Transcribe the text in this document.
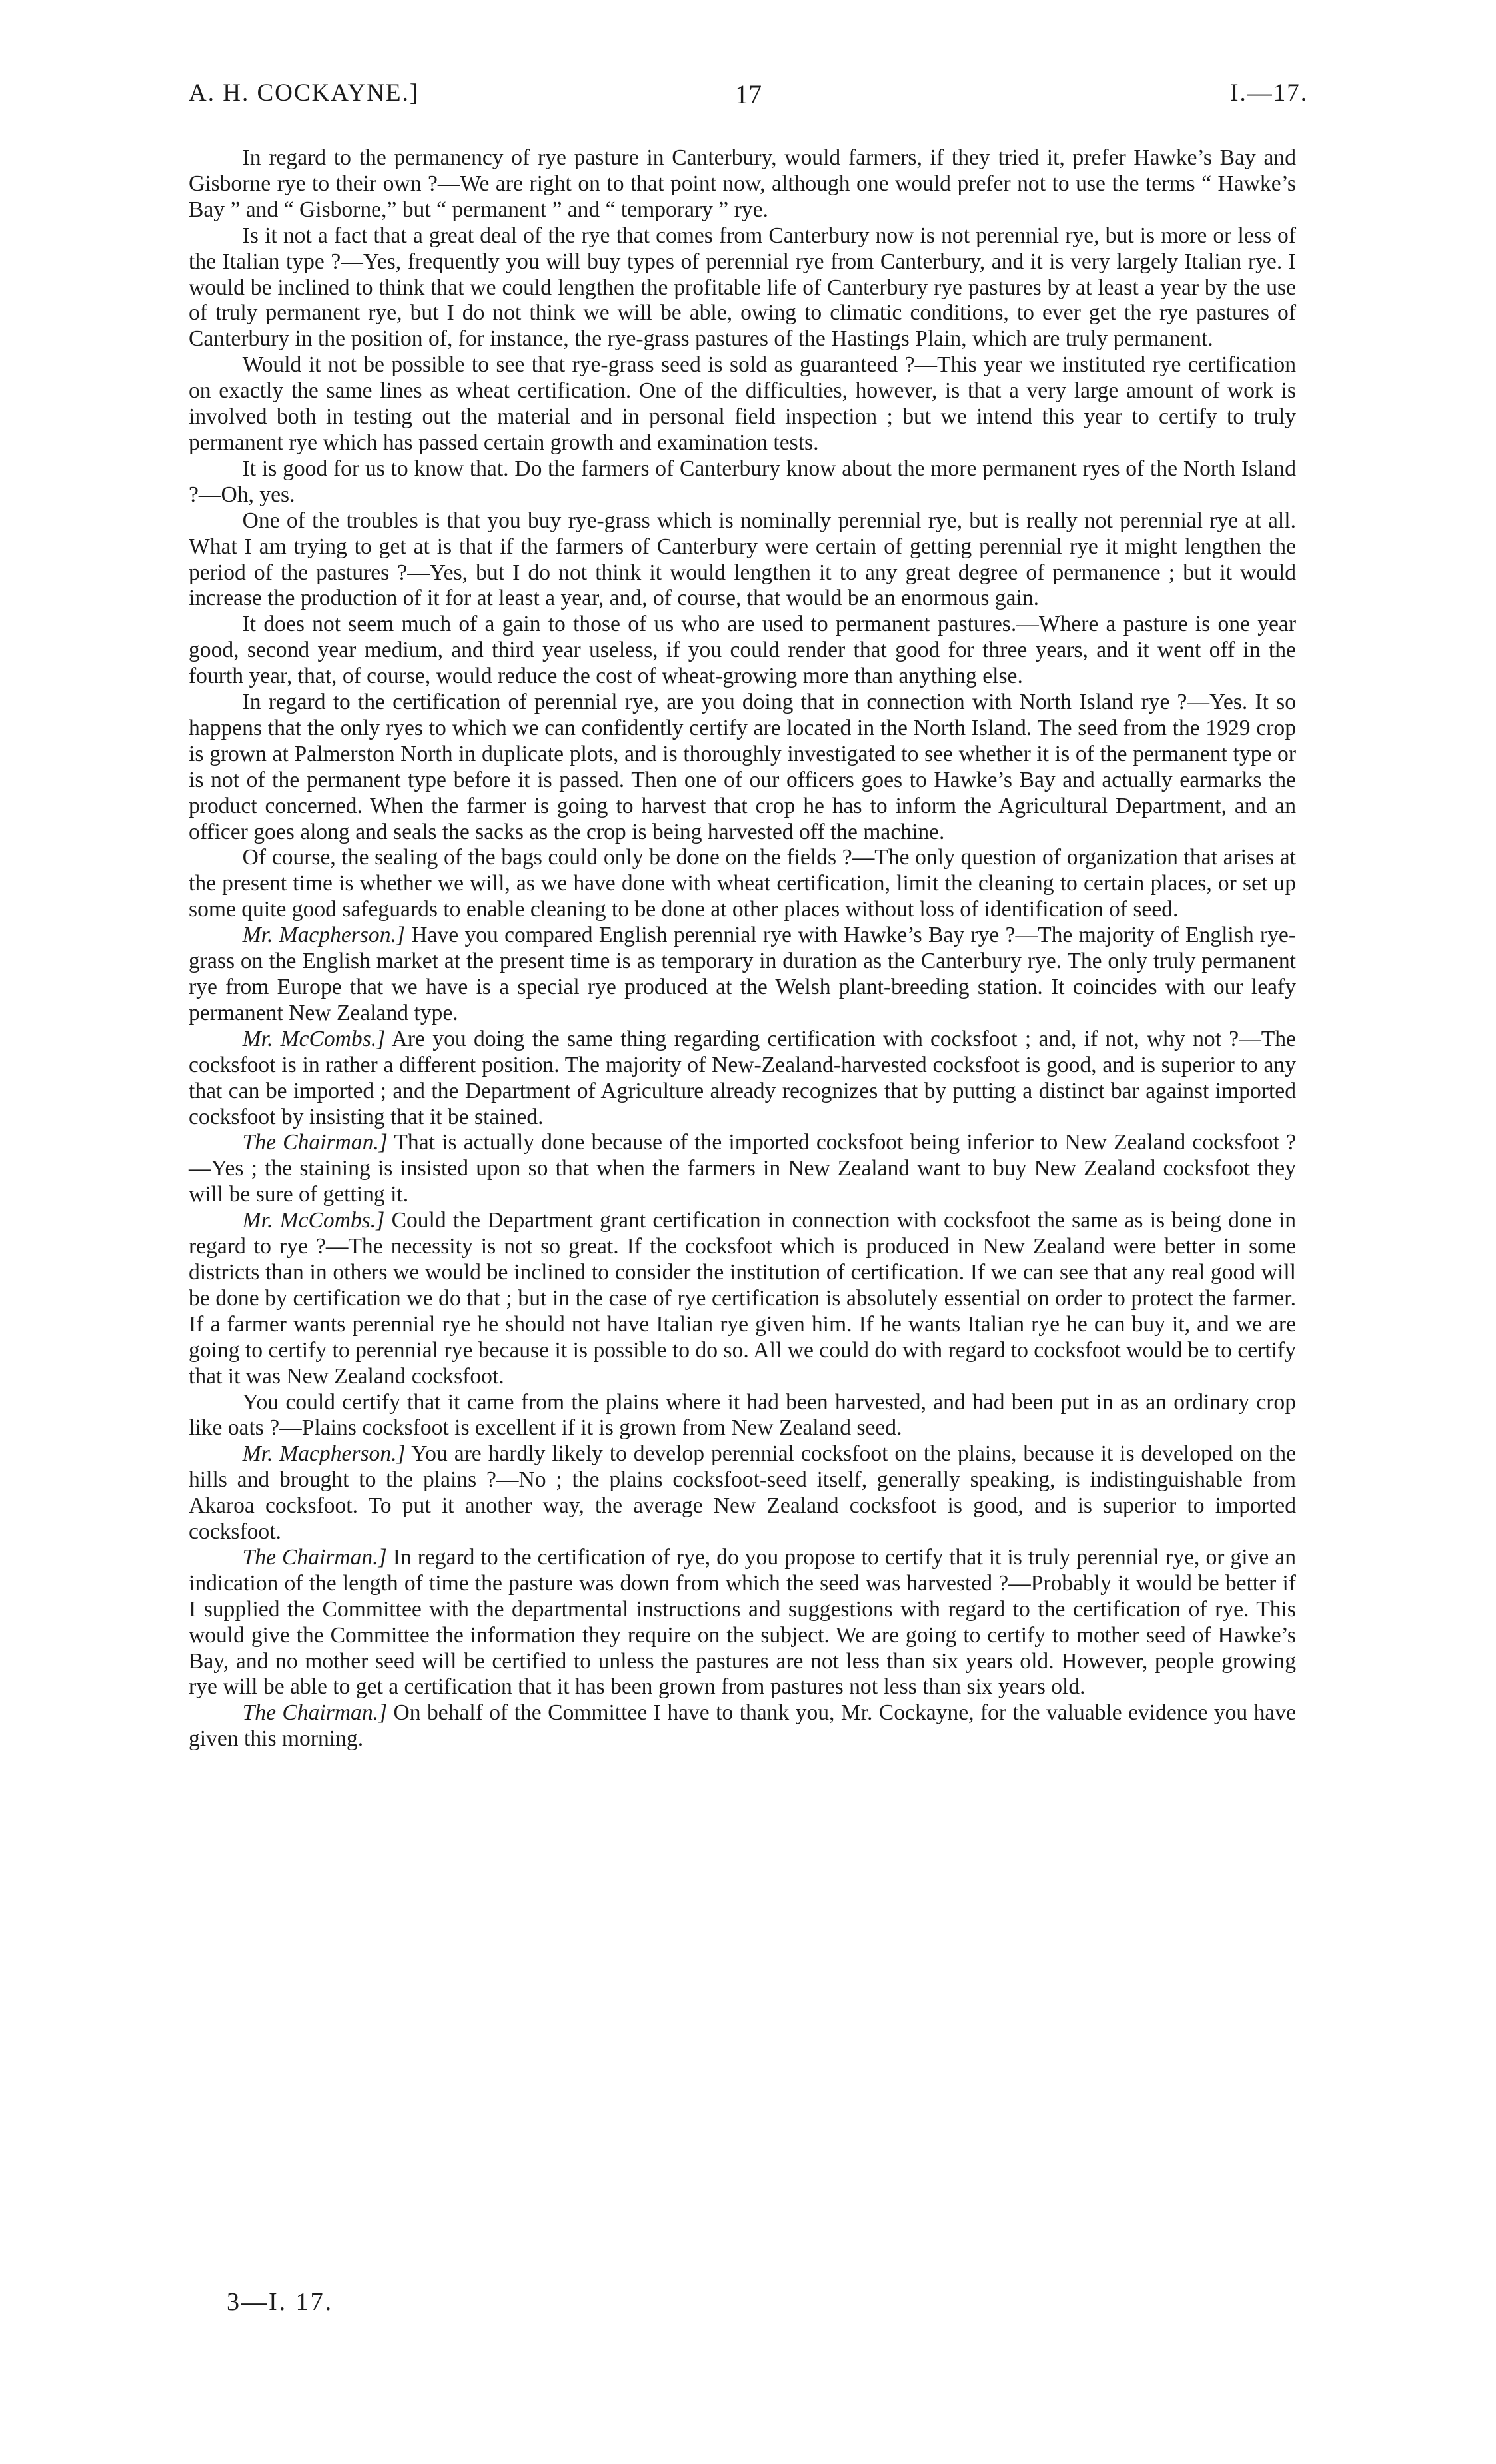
A. H. COCKAYNE.]	17	I.—17.

In regard to the permanency of rye pasture in Canterbury, would farmers, if they tried it, prefer Hawke’s Bay and Gisborne rye to their own ?—We are right on to that point now, although one would prefer not to use the terms “ Hawke’s Bay ” and “ Gisborne,” but “ permanent ” and “ temporary ” rye.

Is it not a fact that a great deal of the rye that comes from Canterbury now is not perennial rye, but is more or less of the Italian type ?—Yes, frequently you will buy types of perennial rye from Canterbury, and it is very largely Italian rye. I would be inclined to think that we could lengthen the profitable life of Canterbury rye pastures by at least a year by the use of truly permanent rye, but I do not think we will be able, owing to climatic conditions, to ever get the rye pastures of Canterbury in the position of, for instance, the rye-grass pastures of the Hastings Plain, which are truly permanent.

Would it not be possible to see that rye-grass seed is sold as guaranteed ?—This year we instituted rye certification on exactly the same lines as wheat certification. One of the difficulties, however, is that a very large amount of work is involved both in testing out the material and in personal field inspection ; but we intend this year to certify to truly permanent rye which has passed certain growth and examination tests.

It is good for us to know that. Do the farmers of Canterbury know about the more permanent ryes of the North Island ?—Oh, yes.

One of the troubles is that you buy rye-grass which is nominally perennial rye, but is really not perennial rye at all. What I am trying to get at is that if the farmers of Canterbury were certain of getting perennial rye it might lengthen the period of the pastures ?—Yes, but I do not think it would lengthen it to any great degree of permanence ; but it would increase the production of it for at least a year, and, of course, that would be an enormous gain.

It does not seem much of a gain to those of us who are used to permanent pastures.—Where a pasture is one year good, second year medium, and third year useless, if you could render that good for three years, and it went off in the fourth year, that, of course, would reduce the cost of wheat-growing more than anything else.

In regard to the certification of perennial rye, are you doing that in connection with North Island rye ?—Yes. It so happens that the only ryes to which we can confidently certify are located in the North Island. The seed from the 1929 crop is grown at Palmerston North in duplicate plots, and is thoroughly investigated to see whether it is of the permanent type or is not of the permanent type before it is passed. Then one of our officers goes to Hawke’s Bay and actually earmarks the product concerned. When the farmer is going to harvest that crop he has to inform the Agricultural Department, and an officer goes along and seals the sacks as the crop is being harvested off the machine.

Of course, the sealing of the bags could only be done on the fields ?—The only question of organization that arises at the present time is whether we will, as we have done with wheat certification, limit the cleaning to certain places, or set up some quite good safeguards to enable cleaning to be done at other places without loss of identification of seed.

Mr. Macpherson.] Have you compared English perennial rye with Hawke’s Bay rye ?—The majority of English rye-grass on the English market at the present time is as temporary in duration as the Canterbury rye. The only truly permanent rye from Europe that we have is a special rye produced at the Welsh plant-breeding station. It coincides with our leafy permanent New Zealand type.

Mr. McCombs.] Are you doing the same thing regarding certification with cocksfoot ; and, if not, why not ?—The cocksfoot is in rather a different position. The majority of New-Zealand-harvested cocksfoot is good, and is superior to any that can be imported ; and the Department of Agriculture already recognizes that by putting a distinct bar against imported cocksfoot by insisting that it be stained.

The Chairman.] That is actually done because of the imported cocksfoot being inferior to New Zealand cocksfoot ?—Yes ; the staining is insisted upon so that when the farmers in New Zealand want to buy New Zealand cocksfoot they will be sure of getting it.

Mr. McCombs.] Could the Department grant certification in connection with cocksfoot the same as is being done in regard to rye ?—The necessity is not so great. If the cocksfoot which is produced in New Zealand were better in some districts than in others we would be inclined to consider the institution of certification. If we can see that any real good will be done by certification we do that ; but in the case of rye certification is absolutely essential on order to protect the farmer. If a farmer wants perennial rye he should not have Italian rye given him. If he wants Italian rye he can buy it, and we are going to certify to perennial rye because it is possible to do so. All we could do with regard to cocksfoot would be to certify that it was New Zealand cocksfoot.

You could certify that it came from the plains where it had been harvested, and had been put in as an ordinary crop like oats ?—Plains cocksfoot is excellent if it is grown from New Zealand seed.

Mr. Macpherson.] You are hardly likely to develop perennial cocksfoot on the plains, because it is developed on the hills and brought to the plains ?—No ; the plains cocksfoot-seed itself, generally speaking, is indistinguishable from Akaroa cocksfoot. To put it another way, the average New Zealand cocksfoot is good, and is superior to imported cocksfoot.

The Chairman.] In regard to the certification of rye, do you propose to certify that it is truly perennial rye, or give an indication of the length of time the pasture was down from which the seed was harvested ?—Probably it would be better if I supplied the Committee with the departmental instructions and suggestions with regard to the certification of rye. This would give the Committee the information they require on the subject. We are going to certify to mother seed of Hawke’s Bay, and no mother seed will be certified to unless the pastures are not less than six years old. However, people growing rye will be able to get a certification that it has been grown from pastures not less than six years old.

The Chairman.] On behalf of the Committee I have to thank you, Mr. Cockayne, for the valuable evidence you have given this morning.

3—I. 17.
